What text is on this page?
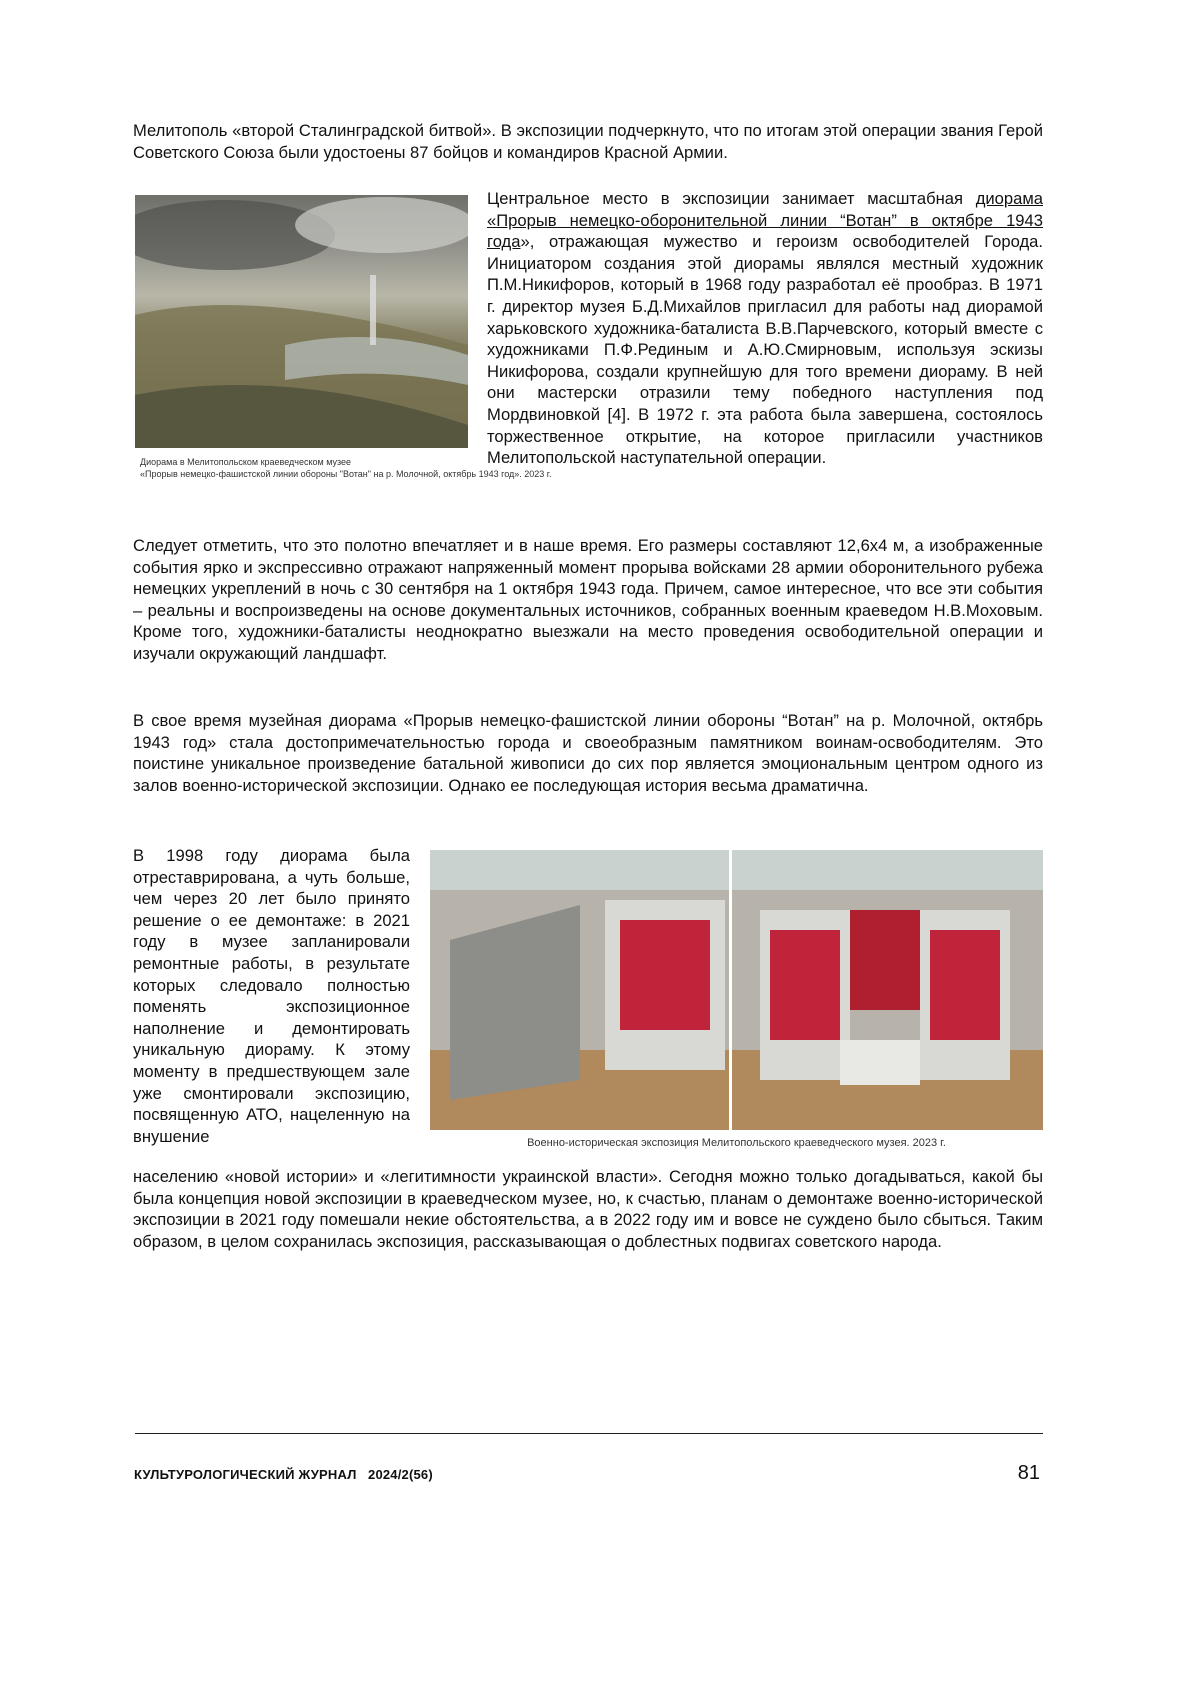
Мелитополь «второй Сталинградской битвой». В экспозиции подчеркнуто, что по итогам этой операции звания Герой Советского Союза были удостоены 87 бойцов и командиров Красной Армии.

Диорама в Мелитопольском краеведческом музее
«Прорыв немецко-фашистской линии обороны "Вотан" на р. Молочной, октябрь 1943 год». 2023 г.

Центральное место в экспозиции занимает масштабная диорама «Прорыв немецко-оборонительной линии “Вотан” в октябре 1943 года», отражающая мужество и героизм освободителей Города. Инициатором создания этой диорамы являлся местный художник П.М.Никифоров, который в 1968 году разработал её прообраз. В 1971 г. директор музея Б.Д.Михайлов пригласил для работы над диорамой харьковского художника-баталиста В.В.Парчевского, который вместе с художниками П.Ф.Рединым и А.Ю.Смирновым, используя эскизы Никифорова, создали крупнейшую для того времени диораму. В ней они мастерски отразили тему победного наступления под Мордвиновкой [4]. В 1972 г. эта работа была завершена, состоялось торжественное открытие, на которое пригласили участников Мелитопольской наступательной операции.

Следует отметить, что это полотно впечатляет и в наше время. Его размеры составляют 12,6х4 м, а изображенные события ярко и экспрессивно отражают напряженный момент прорыва войсками 28 армии оборонительного рубежа немецких укреплений в ночь с 30 сентября на 1 октября 1943 года. Причем, самое интересное, что все эти события – реальны и воспроизведены на основе документальных источников, собранных военным краеведом Н.В.Моховым. Кроме того, художники-баталисты неоднократно выезжали на место проведения освободительной операции и изучали окружающий ландшафт.

В свое время музейная диорама «Прорыв немецко-фашистской линии обороны “Вотан” на р. Молочной, октябрь 1943 год» стала достопримечательностью города и своеобразным памятником воинам-освободителям. Это поистине уникальное произведение батальной живописи до сих пор является эмоциональным центром одного из залов военно-исторической экспозиции. Однако ее последующая история весьма драматична.

В 1998 году диорама была отреставрирована, а чуть больше, чем через 20 лет было принято решение о ее демонтаже: в 2021 году в музее запланировали ремонтные работы, в результате которых следовало полностью поменять экспозиционное наполнение и демонтировать уникальную диораму. К этому моменту в предшествующем зале уже смонтировали экспозицию, посвященную АТО, нацеленную на внушение	Военно-историческая экспозиция Мелитопольского краеведческого музея. 2023 г.

населению «новой истории» и «легитимности украинской власти». Сегодня можно только догадываться, какой бы была концепция новой экспозиции в краеведческом музее, но, к счастью, планам о демонтаже военно-исторической экспозиции в 2021 году помешали некие обстоятельства, а в 2022 году им и вовсе не суждено было сбыться. Таким образом, в целом сохранилась экспозиция, рассказывающая о доблестных подвигах советского народа.

КУЛЬТУРОЛОГИЧЕСКИЙ ЖУРНАЛ   2024/2(56)	81
